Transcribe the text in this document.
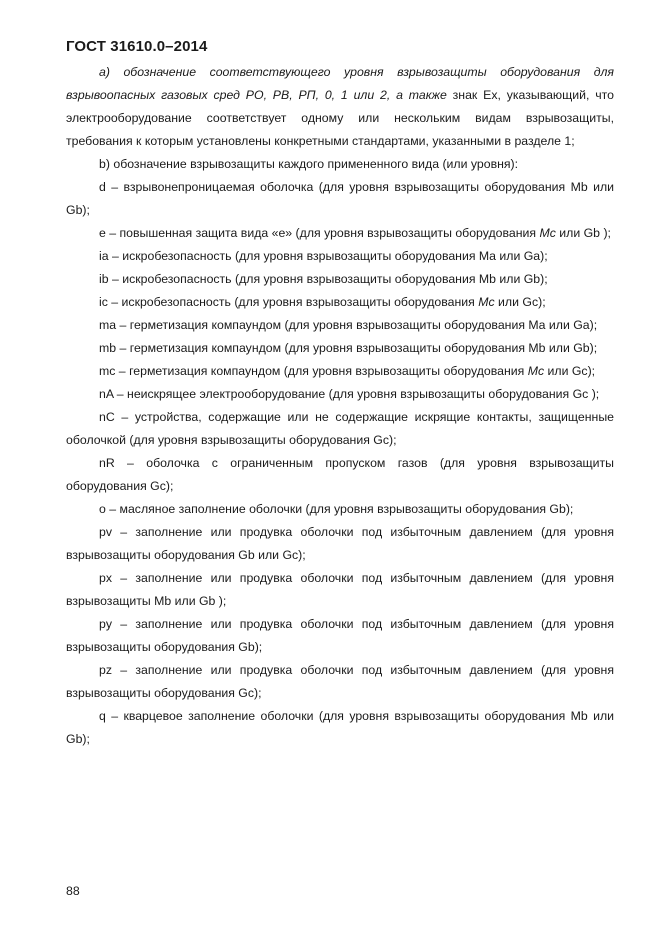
ГОСТ 31610.0–2014

а) обозначение соответствующего уровня взрывозащиты оборудования для взрывоопасных газовых сред РО, РВ, РП, 0, 1 или 2, а также знак Ex, указывающий, что электрооборудование соответствует одному или нескольким видам взрывозащиты, требования к которым установлены конкретными стандартами, указанными в разделе 1;

b) обозначение взрывозащиты каждого примененного вида (или уровня):

d – взрывонепроницаемая оболочка (для уровня взрывозащиты оборудования Mb или Gb);

e – повышенная защита вида «е» (для уровня взрывозащиты оборудования Mc или Gb );

ia – искробезопасность (для уровня взрывозащиты оборудования Ma или Ga);

ib – искробезопасность (для уровня взрывозащиты оборудования Mb или Gb);

ic – искробезопасность (для уровня взрывозащиты оборудования Mc или Gc);

ma – герметизация компаундом (для уровня взрывозащиты оборудования Ma или Ga);

mb – герметизация компаундом (для уровня взрывозащиты оборудования Mb или Gb);

mc – герметизация компаундом (для уровня взрывозащиты оборудования Mc или Gc);

nA – неискрящее электрооборудование (для уровня взрывозащиты оборудования Gc );

nC – устройства, содержащие или не содержащие искрящие контакты, защищенные оболочкой (для уровня взрывозащиты оборудования Gc);

nR – оболочка с ограниченным пропуском газов (для уровня взрывозащиты оборудования Gc);

o – масляное заполнение оболочки (для уровня взрывозащиты оборудования Gb);

pv – заполнение или продувка оболочки под избыточным давлением (для уровня взрывозащиты оборудования Gb или Gc);

px – заполнение или продувка оболочки под избыточным давлением (для уровня взрывозащиты Mb или Gb );

py – заполнение или продувка оболочки под избыточным давлением (для уровня взрывозащиты оборудования Gb);

pz – заполнение или продувка оболочки под избыточным давлением (для уровня взрывозащиты оборудования Gc);

q – кварцевое заполнение оболочки (для уровня взрывозащиты оборудования Mb или Gb);

88
